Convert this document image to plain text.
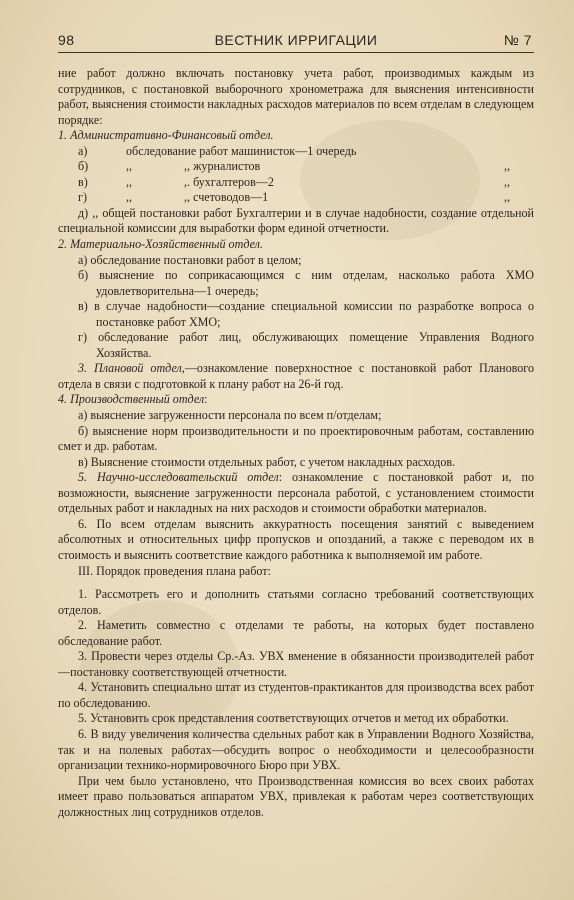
98	ВЕСТНИК ИРРИГАЦИИ	№ 7

ние работ должно включать постановку учета работ, производимых каждым из сотрудников, с постановкой выборочного хронометража для выяснения интенсивности работ, выяснения стоимости накладных расходов материалов по всем отделам в следующем порядке:

1. Административно-Финансовый отдел.

а)	обследование работ машинисток—1 очередь
б)	,,	,, журналистов	,,
в)	,,	,. бухгалтеров—2	,,
г)	,,	,, счетоводов—1	,,

д) ,, общей постановки работ Бухгалтерии и в случае надобности, создание отдельной специальной комиссии для выработки форм единой отчетности.

2. Материально-Хозяйственный отдел.

а) обследование постановки работ в целом;

б) выяснение по соприкасающимся с ним отделам, насколько работа ХМО удовлетворительна—1 очередь;

в) в случае надобности—создание специальной комиссии по разработке вопроса о постановке работ ХМО;

г) обследование работ лиц, обслуживающих помещение Управления Водного Хозяйства.

3. Плановой отдел,—ознакомление поверхностное с постановкой работ Планового отдела в связи с подготовкой к плану работ на 26-й год.

4. Производственный отдел:

а) выяснение загруженности персонала по всем п/отделам;

б) выяснение норм производительности и по проектировочным работам, составлению смет и др. работам.

в) Выяснение стоимости отдельных работ, с учетом накладных расходов.

5. Научно-исследовательский отдел: ознакомление с постановкой работ и, по возможности, выяснение загруженности персонала работой, с установлением стоимости отдельных работ и накладных на них расходов и стоимости обработки материалов.

6. По всем отделам выяснить аккуратность посещения занятий с выведением абсолютных и относительных цифр пропусков и опозданий, а также с переводом их в стоимость и выяснить соответствие каждого работника к выполняемой им работе.

III. Порядок проведения плана работ:

1. Рассмотреть его и дополнить статьями согласно требований соответствующих отделов.

2. Наметить совместно с отделами те работы, на которых будет поставлено обследование работ.

3. Провести через отделы Ср.-Аз. УВХ вменение в обязанности производителей работ—постановку соответствующей отчетности.

4. Установить специально штат из студентов-практикантов для производства всех работ по обследованию.

5. Установить срок представления соответствующих отчетов и метод их обработки.

6. В виду увеличения количества сдельных работ как в Управлении Водного Хозяйства, так и на полевых работах—обсудить вопрос о необходимости и целесообразности организации технико-нормировочного Бюро при УВХ.

При чем было установлено, что Производственная комиссия во всех своих работах имеет право пользоваться аппаратом УВХ, привлекая к работам через соответствующих должностных лиц сотрудников отделов.
